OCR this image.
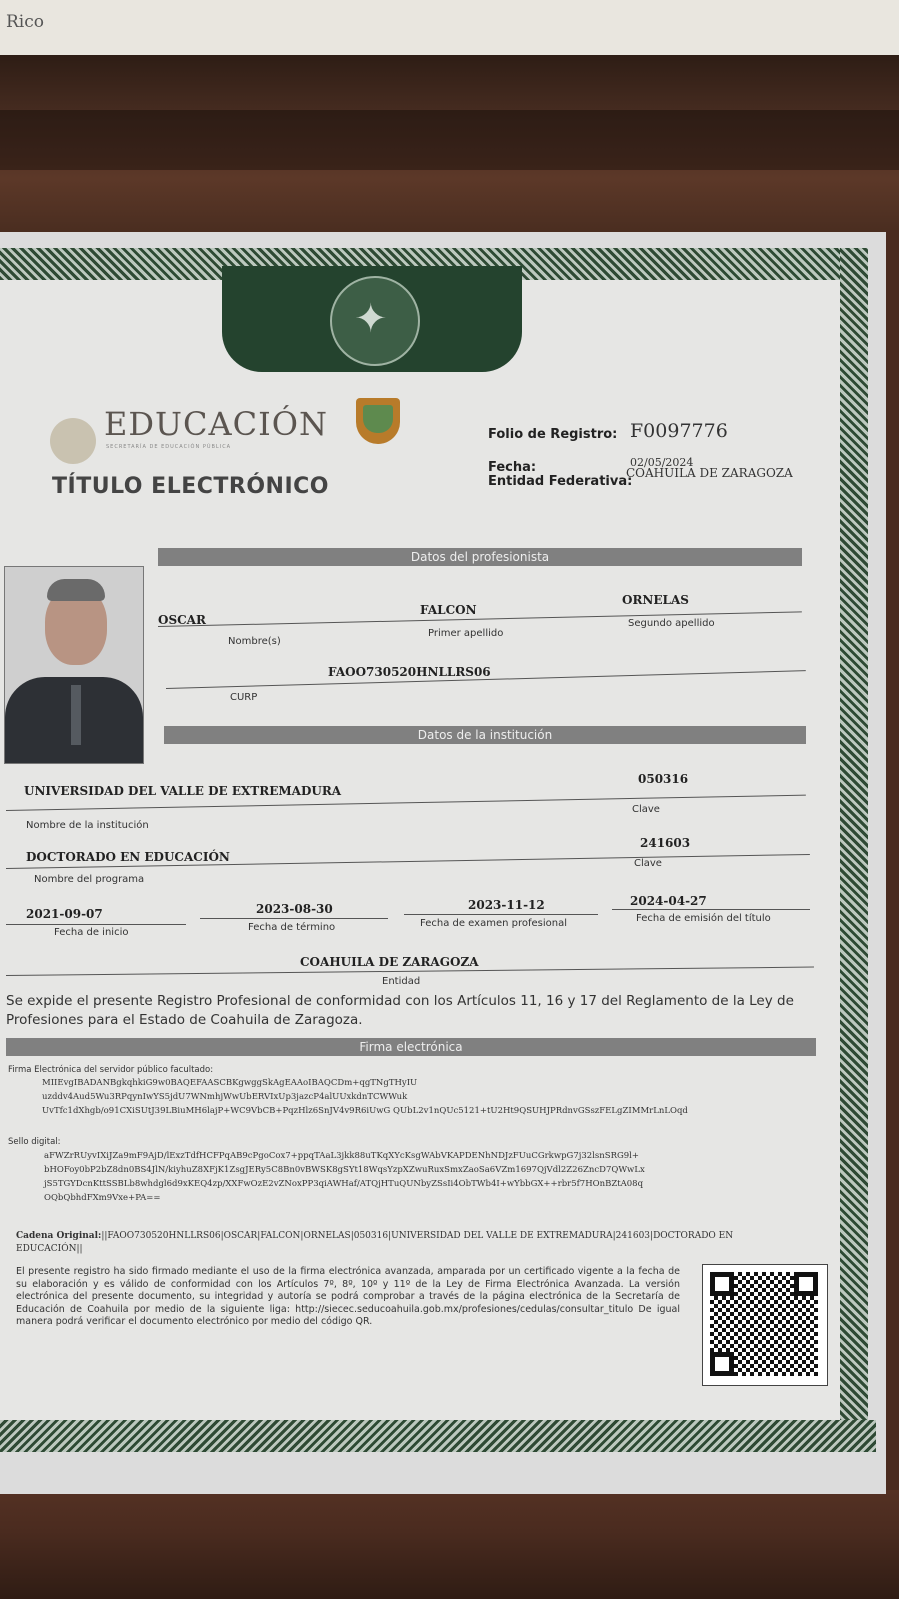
Rico
✦
EDUCACIÓN
SECRETARÍA DE EDUCACIÓN PÚBLICA
TÍTULO ELECTRÓNICO
Folio de Registro: F0097776
Fecha:	02/05/2024
Entidad Federativa:
COAHUILA DE ZARAGOZA
Datos del profesionista
OSCAR
FALCON
ORNELAS
Nombre(s)
Primer apellido
Segundo apellido
FAOO730520HNLLRS06
CURP
Datos de la institución
UNIVERSIDAD DEL VALLE DE EXTREMADURA
050316
Nombre de la institución
Clave
DOCTORADO EN EDUCACIÓN
241603
Nombre del programa
Clave
2021-09-07
Fecha de inicio
2023-08-30
Fecha de término
2023-11-12
Fecha de examen profesional
2024-04-27
Fecha de emisión del título
COAHUILA DE ZARAGOZA
Entidad
Se expide el presente Registro Profesional de conformidad con los Artículos 11, 16 y 17 del Reglamento de la Ley de Profesiones para el Estado de Coahuila de Zaragoza.
Firma electrónica
Firma Electrónica del servidor público facultado:
MIIEvgIBADANBgkqhkiG9w0BAQEFAASCBKgwggSkAgEAAoIBAQCDm+qgTNgTHyIU
uzddv4Aud5Wu3RPqynIwYS5jdU7WNmhjWwUbERVIxUp3jazcP4alUUxkdnTCWWuk
UvTfc1dXhgb/o91CXiSUtJ39LBiuMH6lajP+WC9VbCB+PqzHlz6SnJV4v9R6iUwG QUbL2v1nQUc5121+tU2Ht9QSUHJPRdnvGSszFELgZIMMrLnLOqd
Sello digital:
aFWZrRUyvIXiJZa9mF9AjD/lExzTdfHCFPqAB9cPgoCox7+ppqTAaL3jkk88uTKqXYcKsgWAbVKAPDENhNDJzFUuCGrkwpG7j32lsnSRG9l+
bHOFoy0bP2bZ8dn0BS4JlN/kiyhuZ8XFjK1ZsgJERy5C8Bn0vBWSK8gSYt18WqsYzpXZwuRuxSmxZaoSa6VZm1697QjVdl2Z26ZncD7QWwLx
jS5TGYDcnKttSSBLb8whdgl6d9xKEQ4zp/XXFwOzE2vZNoxPP3qiAWHaf/ATQjHTuQUNbyZSsIi4ObTWb4I+wYbbGX++rbr5f7HOnBZtA08q
OQbQbhdFXm9Vxe+PA==
Cadena Original:||FAOO730520HNLLRS06|OSCAR|FALCON|ORNELAS|050316|UNIVERSIDAD DEL VALLE DE EXTREMADURA|241603|DOCTORADO EN EDUCACIÓN||
El presente registro ha sido firmado mediante el uso de la firma electrónica avanzada, amparada por un certificado vigente a la fecha de su elaboración y es válido de conformidad con los Artículos 7º, 8º, 10º y 11º de la Ley de Firma Electrónica Avanzada. La versión electrónica del presente documento, su integridad y autoría se podrá comprobar a través de la página electrónica de la Secretaría de Educación de Coahuila por medio de la siguiente liga: http://siecec.seducoahuila.gob.mx/profesiones/cedulas/consultar_titulo De igual manera podrá verificar el documento electrónico por medio del código QR.
